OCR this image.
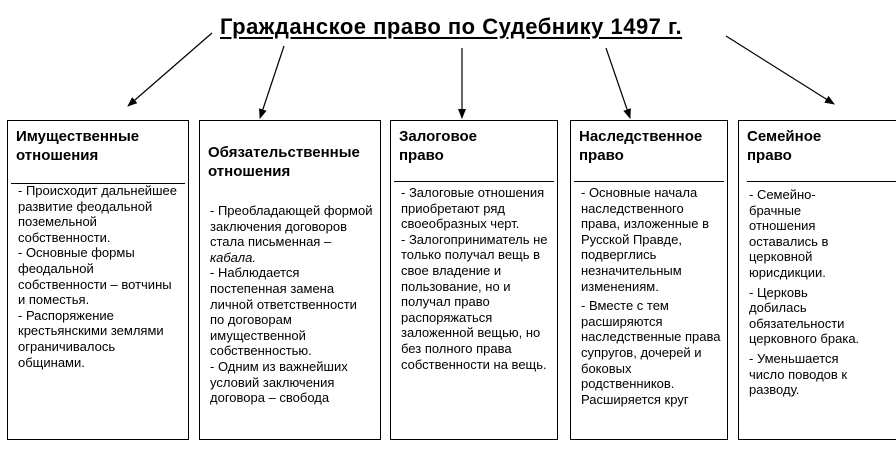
Гражданское право по Судебнику 1497 г.
Имущественные отношения

- Происходит дальнейшее развитие феодальной поземельной собственности.

- Основные формы феодальной собственности – вотчины и поместья.

- Распоряжение крестьянскими землями ограничивалось общинами.

Обязательственные отношения

- Преобладающей формой заключения договоров стала письменная – кабала.

- Наблюдается постепенная замена личной ответственности по договорам имущественной собственностью.

- Одним из важнейших условий заключения договора – свобода

Залоговое право

- Залоговые отношения приобретают ряд своеобразных черт.

- Залогоприниматель не только получал вещь в свое владение и пользование, но и получал право распоряжаться заложенной вещью, но без полного права собственности на вещь.

Наследственное право

- Основные начала наследственного права, изложенные в Русской Правде, подверглись незначительным изменениям.

- Вместе с тем расширяются наследственные права супругов, дочерей и боковых родственников. Расширяется круг

Семейное право

- Семейно-брачные отношения оставались в церковной юрисдикции.

- Церковь добилась обязательности церковного брака.

- Уменьшается число поводов к разводу.
